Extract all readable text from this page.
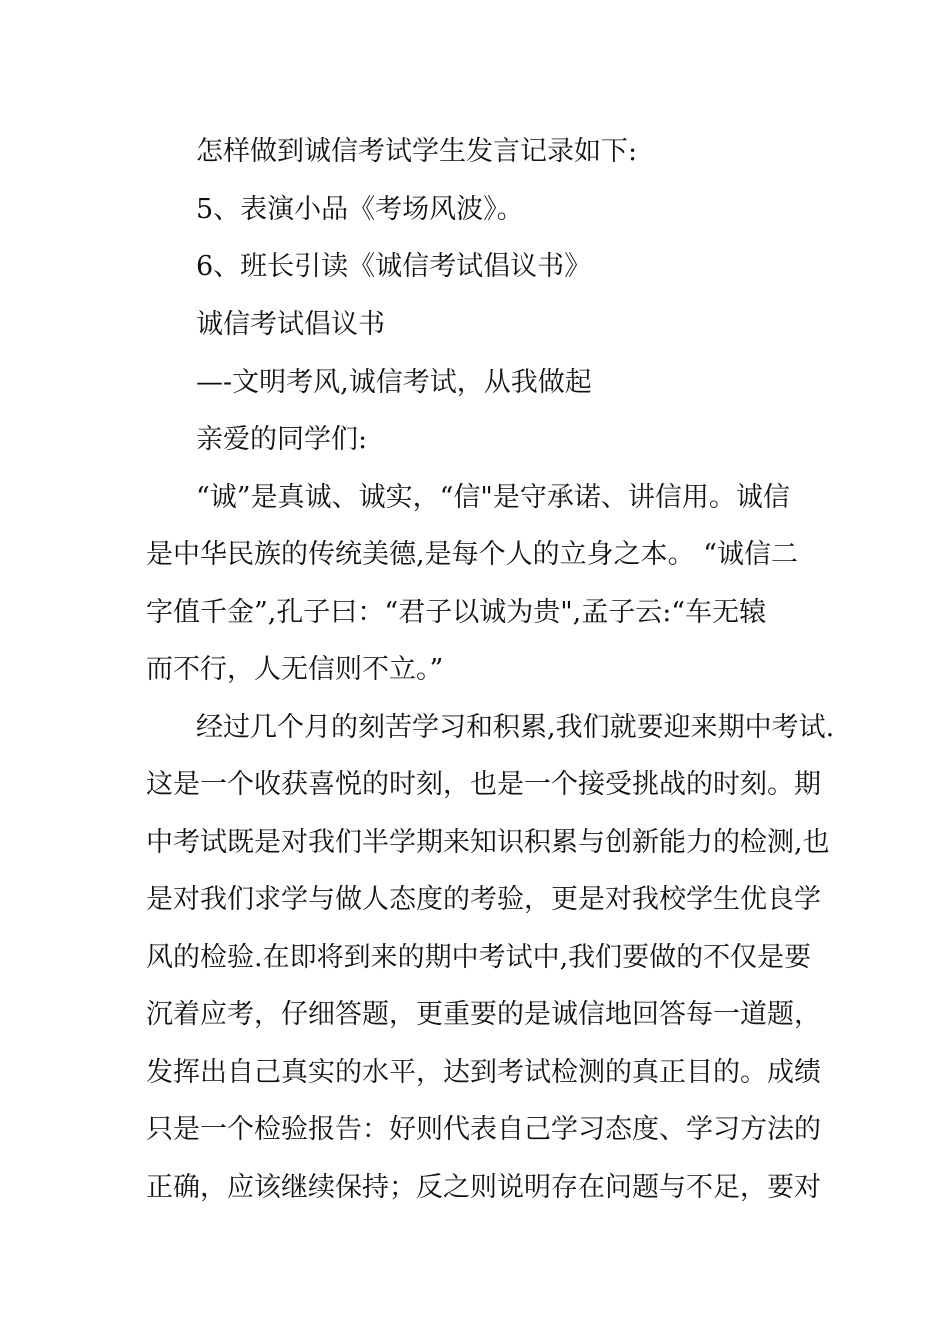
怎样做到诚信考试学生发言记录如下:
5、表演小品《考场风波》。
6、班长引读《诚信考试倡议书》
诚信考试倡议书
—-文明考风,诚信考试，从我做起
亲爱的同学们:
“诚”是真诚、诚实，“信"是守承诺、讲信用。诚信
是中华民族的传统美德,是每个人的立身之本。 “诚信二
字值千金”,孔子曰：“君子以诚为贵",孟子云:“车无辕
而不行，人无信则不立。”
经过几个月的刻苦学习和积累,我们就要迎来期中考试.
这是一个收获喜悦的时刻，也是一个接受挑战的时刻。期
中考试既是对我们半学期来知识积累与创新能力的检测,也
是对我们求学与做人态度的考验，更是对我校学生优良学
风的检验.在即将到来的期中考试中,我们要做的不仅是要
沉着应考，仔细答题，更重要的是诚信地回答每一道题，
发挥出自己真实的水平，达到考试检测的真正目的。成绩
只是一个检验报告：好则代表自己学习态度、学习方法的
正确，应该继续保持；反之则说明存在问题与不足，要对
